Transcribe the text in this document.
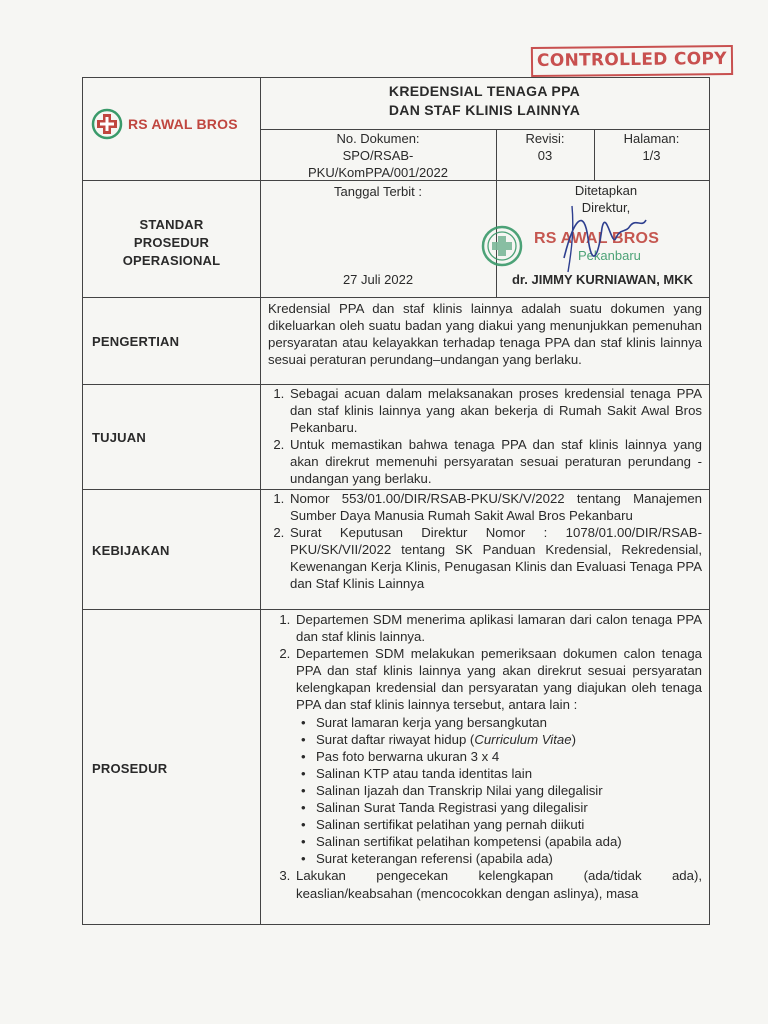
CONTROLLED COPY
RS AWAL BROS
KREDENSIAL TENAGA PPA
DAN STAF KLINIS LAINNYA
No. Dokumen:
SPO/RSAB-
PKU/KomPPA/001/2022
Revisi:
03
Halaman:
1/3
STANDAR
PROSEDUR
OPERASIONAL
Tanggal Terbit :
27 Juli 2022
Ditetapkan
Direktur,
RS AWAL BROS
Pekanbaru
dr. JIMMY KURNIAWAN, MKK
PENGERTIAN
Kredensial PPA dan staf klinis lainnya adalah suatu dokumen yang dikeluarkan oleh suatu badan yang diakui yang menunjukkan pemenuhan persyaratan atau kelayakkan terhadap tenaga PPA dan staf klinis lainnya sesuai peraturan perundang–undangan yang berlaku.
TUJUAN
1. Sebagai acuan dalam melaksanakan proses kredensial tenaga PPA dan staf klinis lainnya yang akan bekerja di Rumah Sakit Awal Bros Pekanbaru.
2. Untuk memastikan bahwa tenaga PPA dan staf klinis lainnya yang akan direkrut memenuhi persyaratan sesuai peraturan perundang - undangan yang berlaku.
KEBIJAKAN
1. Nomor 553/01.00/DIR/RSAB-PKU/SK/V/2022 tentang Manajemen Sumber Daya Manusia Rumah Sakit Awal Bros Pekanbaru
2. Surat Keputusan Direktur Nomor : 1078/01.00/DIR/RSAB-PKU/SK/VII/2022 tentang SK Panduan Kredensial, Rekredensial, Kewenangan Kerja Klinis, Penugasan Klinis dan Evaluasi Tenaga PPA dan Staf Klinis Lainnya
PROSEDUR
1. Departemen SDM menerima aplikasi lamaran dari calon tenaga PPA dan staf klinis lainnya.
2. Departemen SDM melakukan pemeriksaan dokumen calon tenaga PPA dan staf klinis lainnya yang akan direkrut sesuai persyaratan kelengkapan kredensial dan persyaratan yang diajukan oleh tenaga PPA dan staf klinis lainnya tersebut, antara lain :
• Surat lamaran kerja yang bersangkutan
• Surat daftar riwayat hidup (Curriculum Vitae)
• Pas foto berwarna ukuran 3 x 4
• Salinan KTP atau tanda identitas lain
• Salinan Ijazah dan Transkrip Nilai yang dilegalisir
• Salinan Surat Tanda Registrasi yang dilegalisir
• Salinan sertifikat pelatihan yang pernah diikuti
• Salinan sertifikat pelatihan kompetensi (apabila ada)
• Surat keterangan referensi (apabila ada)
3. Lakukan pengecekan kelengkapan (ada/tidak ada), keaslian/keabsahan (mencocokkan dengan aslinya), masa
